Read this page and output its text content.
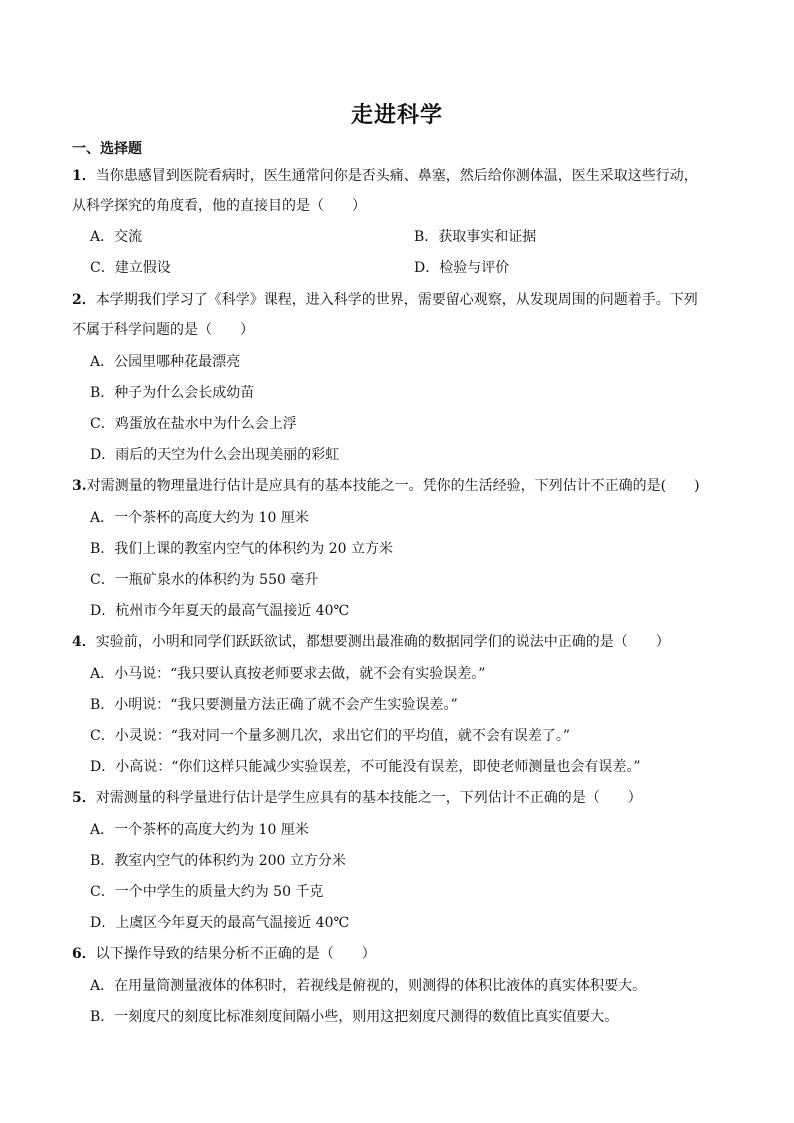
走进科学
一、选择题
1．当你患感冒到医院看病时，医生通常问你是否头痛、鼻塞，然后给你测体温，医生采取这些行动，
从科学探究的角度看，他的直接目的是（　　）
A．交流	B．获取事实和证据
C．建立假设	D．检验与评价
2．本学期我们学习了《科学》课程，进入科学的世界，需要留心观察，从发现周围的问题着手。下列
不属于科学问题的是（　　）
A．公园里哪种花最漂亮
B．种子为什么会长成幼苗
C．鸡蛋放在盐水中为什么会上浮
D．雨后的天空为什么会出现美丽的彩虹
3.对需测量的物理量进行估计是应具有的基本技能之一。凭你的生活经验，下列估计不正确的是(　　)
A．一个茶杯的高度大约为 10 厘米
B．我们上课的教室内空气的体积约为 20 立方米
C．一瓶矿泉水的体积约为 550 毫升
D．杭州市今年夏天的最高气温接近 40℃
4．实验前，小明和同学们跃跃欲试，都想要测出最准确的数据同学们的说法中正确的是（　　）
A．小马说：“我只要认真按老师要求去做，就不会有实验误差。”
B．小明说：“我只要测量方法正确了就不会产生实验误差。”
C．小灵说：“我对同一个量多测几次，求出它们的平均值，就不会有误差了。”
D．小高说：“你们这样只能减少实验误差，不可能没有误差，即使老师测量也会有误差。”
5．对需测量的科学量进行估计是学生应具有的基本技能之一，下列估计不正确的是（　　）
A．一个茶杯的高度大约为 10 厘米
B．教室内空气的体积约为 200 立方分米
C．一个中学生的质量大约为 50 千克
D．上虞区今年夏天的最高气温接近 40℃
6．以下操作导致的结果分析不正确的是（　　）
A．在用量筒测量液体的体积时，若视线是俯视的，则测得的体积比液体的真实体积要大。
B．一刻度尺的刻度比标准刻度间隔小些，则用这把刻度尺测得的数值比真实值要大。
